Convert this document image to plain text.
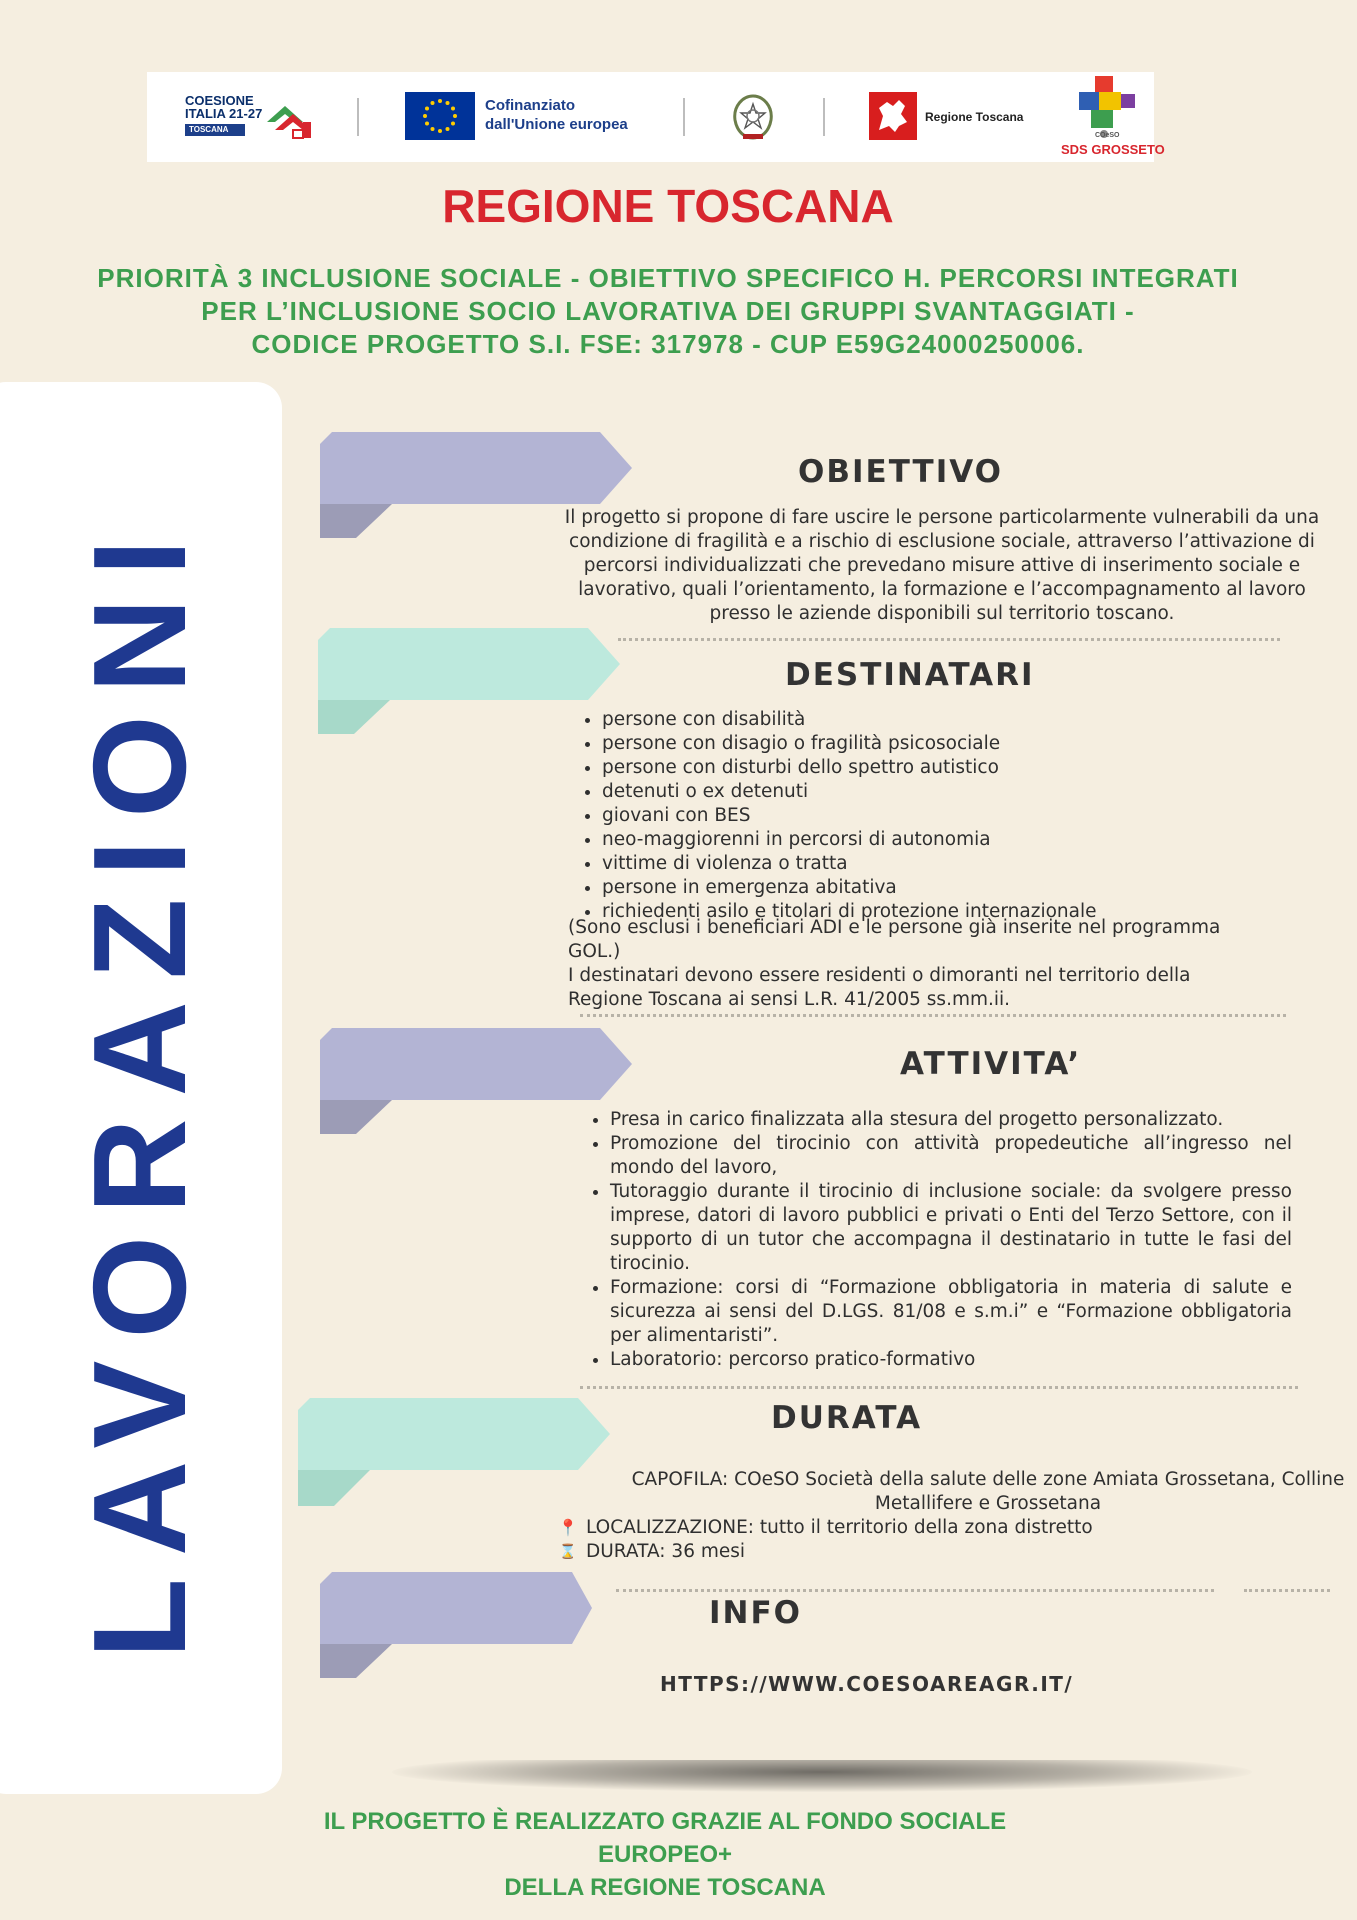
COESIONE
ITALIA 21-27
TOSCANA
Cofinanziato
dall'Unione europea	Regione Toscana
COeSO
SDS GROSSETO
REGIONE TOSCANA
PRIORITÀ 3 INCLUSIONE SOCIALE - OBIETTIVO SPECIFICO H. PERCORSI INTEGRATI
PER L’INCLUSIONE SOCIO LAVORATIVA DEI GRUPPI SVANTAGGIATI -
CODICE PROGETTO S.I. FSE: 317978 - CUP E59G24000250006.
LAVORAZIONI
OBIETTIVO
Il progetto si propone di fare uscire le persone particolarmente vulnerabili da una condizione di fragilità e a rischio di esclusione sociale, attraverso l’attivazione di percorsi individualizzati che prevedano misure attive di inserimento sociale e lavorativo, quali l’orientamento, la formazione e l’accompagnamento al lavoro presso le aziende disponibili sul territorio toscano.
DESTINATARI
• persone con disabilità
• persone con disagio o fragilità psicosociale
• persone con disturbi dello spettro autistico
• detenuti o ex detenuti
• giovani con BES
• neo-maggiorenni in percorsi di autonomia
• vittime di violenza o tratta
• persone in emergenza abitativa
• richiedenti asilo e titolari di protezione internazionale
(Sono esclusi i beneficiari ADI e le persone già inserite nel programma GOL.)
I destinatari devono essere residenti o dimoranti nel territorio della Regione Toscana ai sensi L.R. 41/2005 ss.mm.ii.
ATTIVITA’
• Presa in carico finalizzata alla stesura del progetto personalizzato.
• Promozione del tirocinio con attività propedeutiche all’ingresso nel mondo del lavoro,
• Tutoraggio durante il tirocinio di inclusione sociale: da svolgere presso imprese, datori di lavoro pubblici e privati o Enti del Terzo Settore, con il supporto di un tutor che accompagna il destinatario in tutte le fasi del tirocinio.
• Formazione: corsi di “Formazione obbligatoria in materia di salute e sicurezza ai sensi del D.LGS. 81/08 e s.m.i” e “Formazione obbligatoria per alimentaristi”.
• Laboratorio: percorso pratico-formativo
DURATA
CAPOFILA: COeSO Società della salute delle zone Amiata Grossetana, Colline Metallifere e Grossetana
📍 LOCALIZZAZIONE: tutto il territorio della zona distretto
⌛ DURATA: 36 mesi
INFO
HTTPS://WWW.COESOAREAGR.IT/
IL PROGETTO È REALIZZATO GRAZIE AL FONDO SOCIALE EUROPEO+
DELLA REGIONE TOSCANA
